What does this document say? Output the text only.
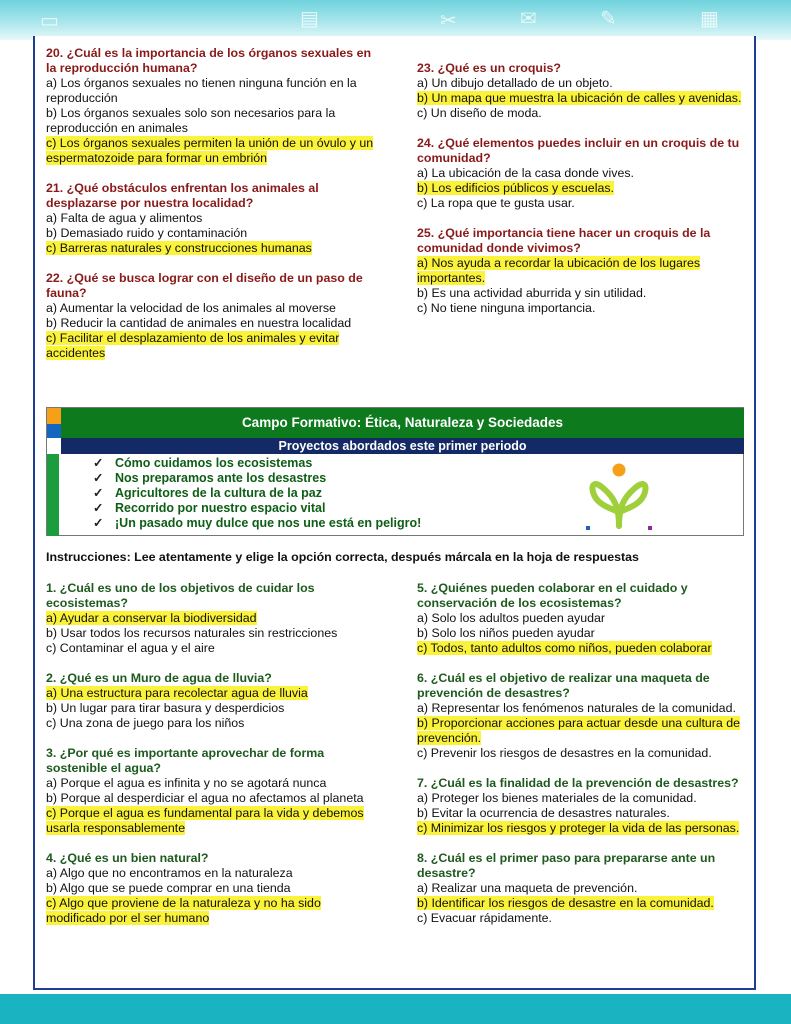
▭	▤	✂	✉	✎	▦
20. ¿Cuál es la importancia de los órganos sexuales en la reproducción humana?
a) Los órganos sexuales no tienen ninguna función en la reproducción
b) Los órganos sexuales solo son necesarios para la reproducción en animales
c) Los órganos sexuales permiten la unión de un óvulo y un espermatozoide para formar un embrión
21. ¿Qué obstáculos enfrentan los animales al desplazarse por nuestra localidad?
a) Falta de agua y alimentos
b) Demasiado ruido y contaminación
c) Barreras naturales y construcciones humanas
22. ¿Qué se busca lograr con el diseño de un paso de fauna?
a) Aumentar la velocidad de los animales al moverse
b) Reducir la cantidad de animales en nuestra localidad
c) Facilitar el desplazamiento de los animales y evitar accidentes
23. ¿Qué es un croquis?
a) Un dibujo detallado de un objeto.
b) Un mapa que muestra la ubicación de calles y avenidas.
c) Un diseño de moda.
24. ¿Qué elementos puedes incluir en un croquis de tu comunidad?
a) La ubicación de la casa donde vives.
b) Los edificios públicos y escuelas.
c) La ropa que te gusta usar.
25. ¿Qué importancia tiene hacer un croquis de la comunidad donde vivimos?
a) Nos ayuda a recordar la ubicación de los lugares importantes.
b) Es una actividad aburrida y sin utilidad.
c) No tiene ninguna importancia.
Campo Formativo: Ética, Naturaleza y Sociedades
Proyectos abordados este primer periodo
✓ Cómo cuidamos los ecosistemas
✓ Nos preparamos ante los desastres
✓ Agricultores de la cultura de la paz
✓ Recorrido por nuestro espacio vital
✓ ¡Un pasado muy dulce que nos une está en peligro!
Instrucciones: Lee atentamente y elige la opción correcta, después márcala en la hoja de respuestas
1. ¿Cuál es uno de los objetivos de cuidar los ecosistemas?
a) Ayudar a conservar la biodiversidad
b) Usar todos los recursos naturales sin restricciones
c) Contaminar el agua y el aire
2. ¿Qué es un Muro de agua de lluvia?
a) Una estructura para recolectar agua de lluvia
b) Un lugar para tirar basura y desperdicios
c) Una zona de juego para los niños
3. ¿Por qué es importante aprovechar de forma sostenible el agua?
a) Porque el agua es infinita y no se agotará nunca
b) Porque al desperdiciar el agua no afectamos al planeta
c) Porque el agua es fundamental para la vida y debemos usarla responsablemente
4. ¿Qué es un bien natural?
a) Algo que no encontramos en la naturaleza
b) Algo que se puede comprar en una tienda
c) Algo que proviene de la naturaleza y no ha sido modificado por el ser humano
5. ¿Quiénes pueden colaborar en el cuidado y conservación de los ecosistemas?
a) Solo los adultos pueden ayudar
b) Solo los niños pueden ayudar
c) Todos, tanto adultos como niños, pueden colaborar
6. ¿Cuál es el objetivo de realizar una maqueta de prevención de desastres?
a) Representar los fenómenos naturales de la comunidad.
b) Proporcionar acciones para actuar desde una cultura de prevención.
c) Prevenir los riesgos de desastres en la comunidad.
7. ¿Cuál es la finalidad de la prevención de desastres?
a) Proteger los bienes materiales de la comunidad.
b) Evitar la ocurrencia de desastres naturales.
c) Minimizar los riesgos y proteger la vida de las personas.
8. ¿Cuál es el primer paso para prepararse ante un desastre?
a) Realizar una maqueta de prevención.
b) Identificar los riesgos de desastre en la comunidad.
c) Evacuar rápidamente.
